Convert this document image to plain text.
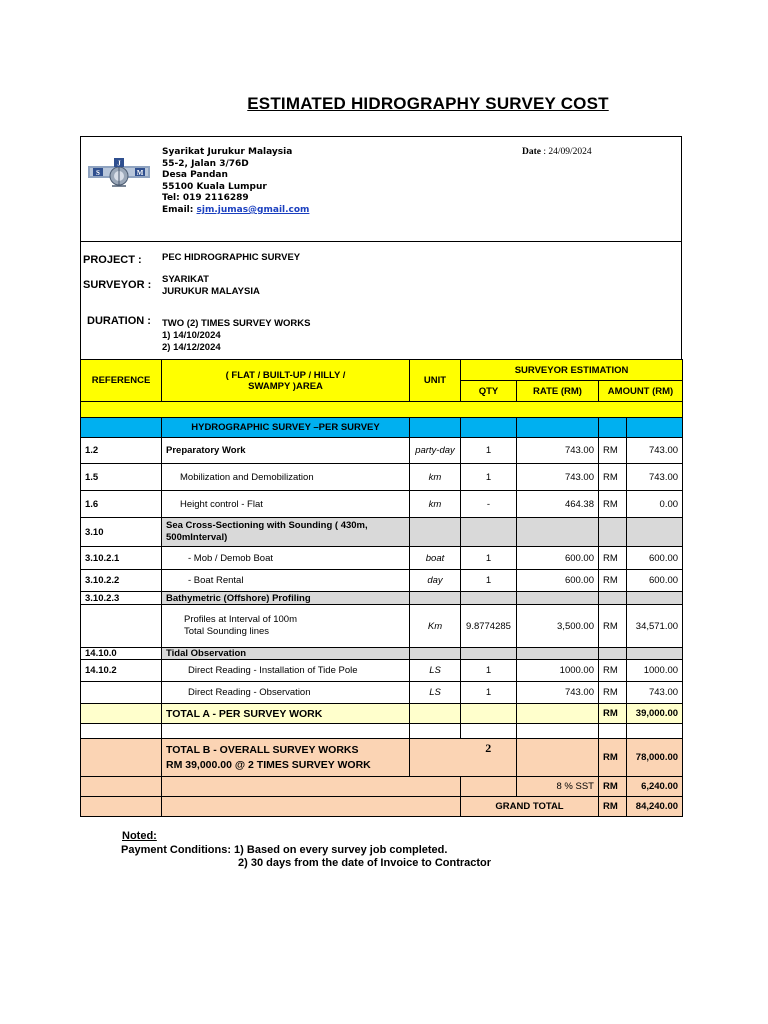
ESTIMATED HIDROGRAPHY SURVEY COST
S
J
M
Syarikat Jurukur Malaysia
55-2, Jalan 3/76D
Desa Pandan
55100 Kuala Lumpur
Tel: 019 2116289
Email: sjm.jumas@gmail.com
Date : 24/09/2024
PROJECT : PEC HIDROGRAPHIC SURVEY
SURVEYOR : SYARIKAT
JURUKUR MALAYSIA
DURATION : TWO (2) TIMES SURVEY WORKS
1) 14/10/2024
2) 14/12/2024
REFERENCE	( FLAT / BUILT-UP / HILLY /
SWAMPY )AREA	UNIT	SURVEYOR ESTIMATION			
			QTY	RATE (RM)	AMOUNT (RM)	

	HYDROGRAPHIC SURVEY –PER SURVEY					
1.2	Preparatory Work	party-day	1	743.00	RM	743.00
1.5	Mobilization and Demobilization	km	1	743.00	RM	743.00
1.6	Height control - Flat	km	-	464.38	RM	0.00
3.10	Sea Cross-Sectioning with Sounding ( 430m,
500mInterval)					

3.10.2.1	- Mob / Demob Boat	boat	1	600.00	RM	600.00
3.10.2.2	- Boat Rental	day	1	600.00	RM	600.00
3.10.2.3	Bathymetric (Offshore) Profiling					

	Profiles at Interval of 100m
Total Sounding lines	Km	9.8774285	3,500.00	RM	34,571.00
14.10.0	Tidal Observation					
14.10.2	Direct Reading - Installation of Tide Pole	LS	1	1000.00	RM	1000.00
	Direct Reading - Observation	LS	1	743.00	RM	743.00
	TOTAL A - PER SURVEY WORK				RM	39,000.00

	TOTAL B - OVERALL SURVEY WORKS
RM 39,000.00 @ 2 TIMES SURVEY WORK		2		RM	78,000.00
				8 % SST	RM	6,240.00
			GRAND TOTAL		RM	84,240.00
Noted:
Payment Conditions: 1) Based on every survey job completed.
2) 30 days from the date of Invoice to Contractor
